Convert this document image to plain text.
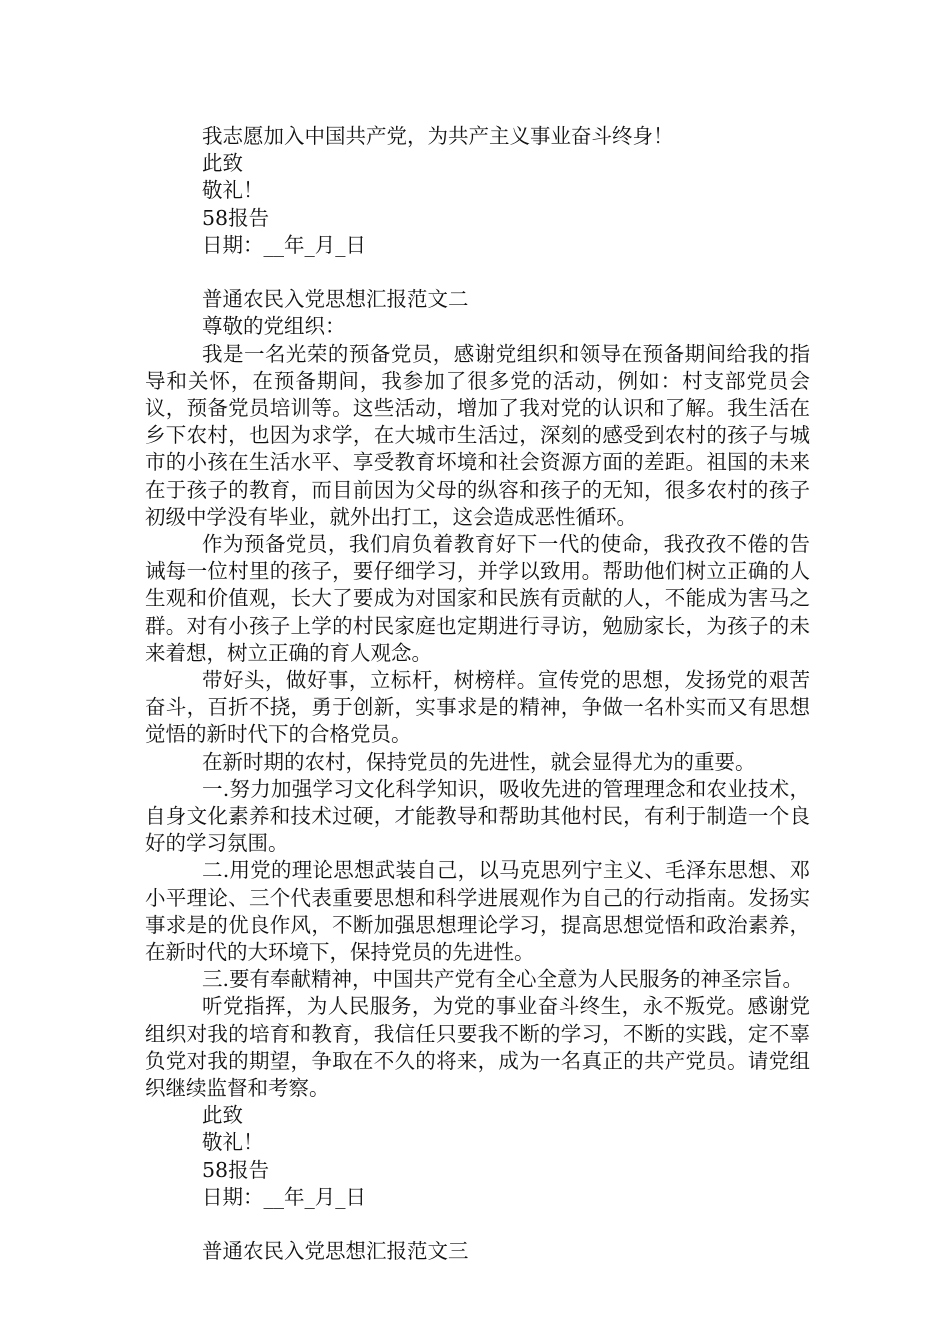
我志愿加入中国共产党，为共产主义事业奋斗终身！
此致
敬礼！
58报告
日期：__年_月_日
普通农民入党思想汇报范文二
尊敬的党组织：

我是一名光荣的预备党员，感谢党组织和领导在预备期间给我的指导和关怀，在预备期间，我参加了很多党的活动，例如：村支部党员会议，预备党员培训等。这些活动，增加了我对党的认识和了解。我生活在乡下农村，也因为求学，在大城市生活过，深刻的感受到农村的孩子与城市的小孩在生活水平、享受教育坏境和社会资源方面的差距。祖国的未来在于孩子的教育，而目前因为父母的纵容和孩子的无知，很多农村的孩子初级中学没有毕业，就外出打工，这会造成恶性循环。

作为预备党员，我们肩负着教育好下一代的使命，我孜孜不倦的告诫每一位村里的孩子，要仔细学习，并学以致用。帮助他们树立正确的人生观和价值观，长大了要成为对国家和民族有贡献的人，不能成为害马之群。对有小孩子上学的村民家庭也定期进行寻访，勉励家长，为孩子的未来着想，树立正确的育人观念。

带好头，做好事，立标杆，树榜样。宣传党的思想，发扬党的艰苦奋斗，百折不挠，勇于创新，实事求是的精神，争做一名朴实而又有思想觉悟的新时代下的合格党员。

在新时期的农村，保持党员的先进性，就会显得尤为的重要。

一.努力加强学习文化科学知识，吸收先进的管理理念和农业技术，自身文化素养和技术过硬，才能教导和帮助其他村民，有利于制造一个良好的学习氛围。

二.用党的理论思想武装自己，以马克思列宁主义、毛泽东思想、邓小平理论、三个代表重要思想和科学进展观作为自己的行动指南。发扬实事求是的优良作风，不断加强思想理论学习，提高思想觉悟和政治素养，在新时代的大环境下，保持党员的先进性。

三.要有奉献精神，中国共产党有全心全意为人民服务的神圣宗旨。

听党指挥，为人民服务，为党的事业奋斗终生，永不叛党。感谢党组织对我的培育和教育，我信任只要我不断的学习，不断的实践，定不辜负党对我的期望，争取在不久的将来，成为一名真正的共产党员。请党组织继续监督和考察。

此致
敬礼！
58报告
日期：__年_月_日
普通农民入党思想汇报范文三
